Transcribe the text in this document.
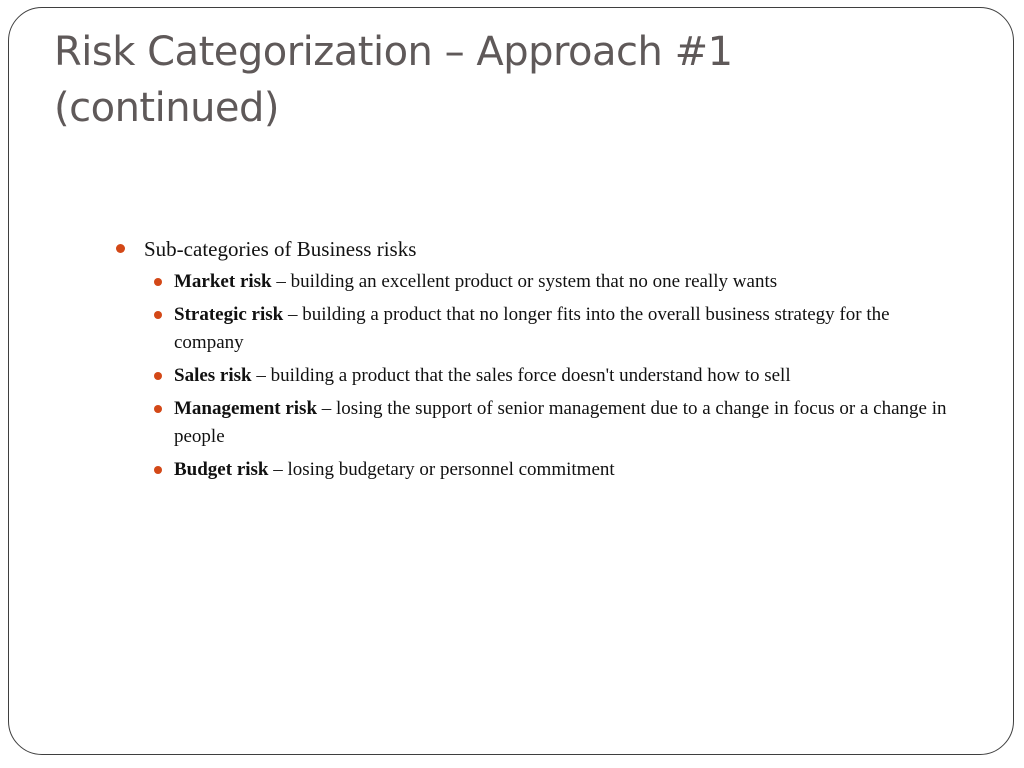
Risk Categorization – Approach #1
(continued)
Sub-categories of Business risks
Market risk – building an excellent product or system that no one really wants
Strategic risk – building a product that no longer fits into the overall business strategy for the company
Sales risk – building a product that the sales force doesn't understand how to sell
Management risk – losing the support of senior management due to a change in focus or a change in people
Budget risk – losing budgetary or personnel commitment
